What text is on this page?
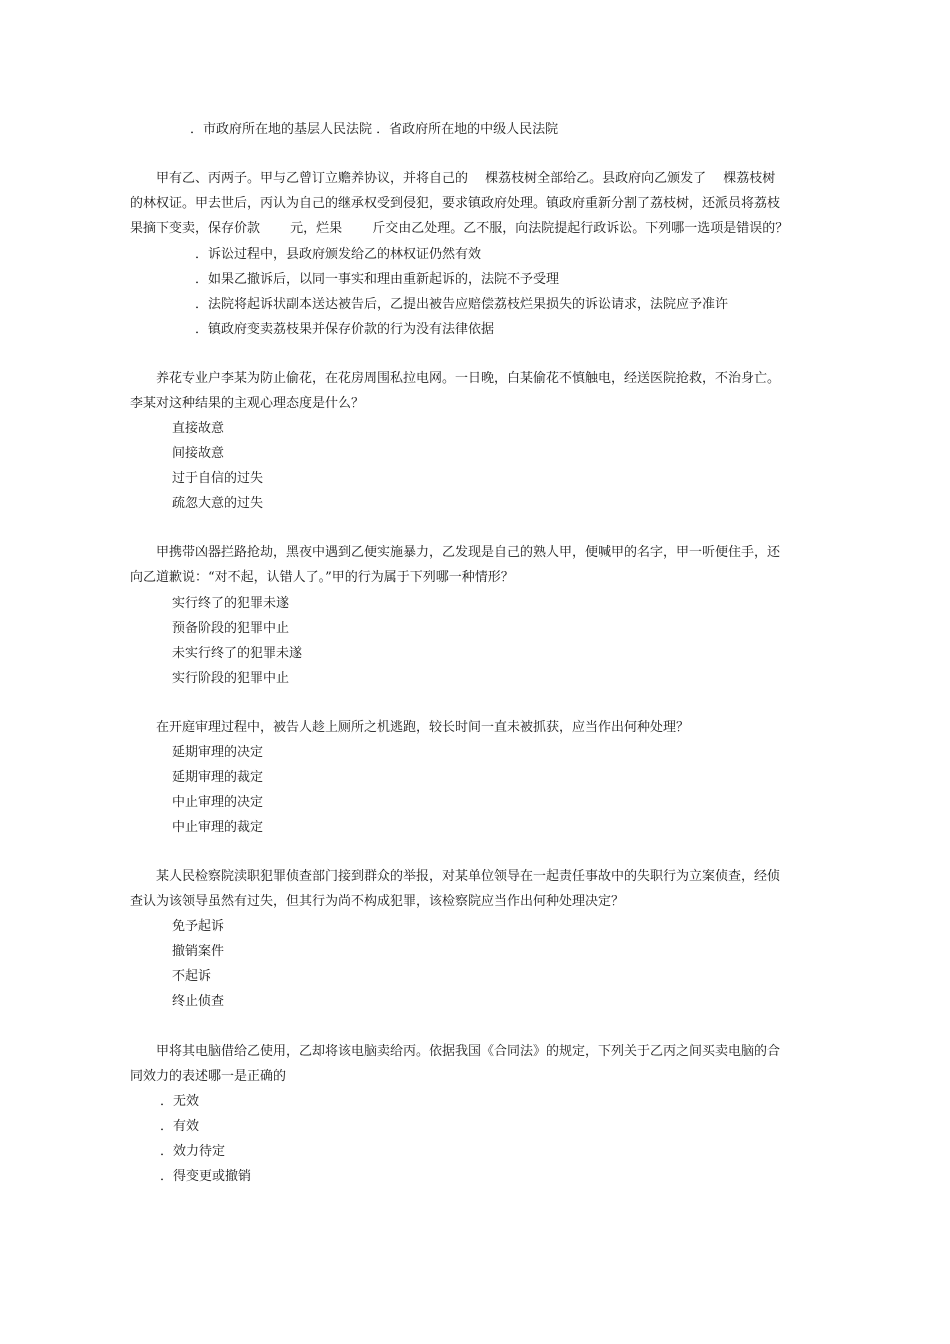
．市政府所在地的基层人民法院 ．省政府所在地的中级人民法院
　　甲有乙、丙两子。甲与乙曾订立赡养协议，并将自己的 　棵荔枝树全部给乙。县政府向乙颁发了 　棵荔枝树
的林权证。甲去世后，丙认为自己的继承权受到侵犯，要求镇政府处理。镇政府重新分割了荔枝树，还派员将荔枝
果摘下变卖，保存价款 　　元，烂果 　　斤交由乙处理。乙不服，向法院提起行政诉讼。下列哪一选项是错误的？
．诉讼过程中，县政府颁发给乙的林权证仍然有效
．如果乙撤诉后，以同一事实和理由重新起诉的，法院不予受理
．法院将起诉状副本送达被告后，乙提出被告应赔偿荔枝烂果损失的诉讼请求，法院应予准许
．镇政府变卖荔枝果并保存价款的行为没有法律依据
　　养花专业户李某为防止偷花，在花房周围私拉电网。一日晚，白某偷花不慎触电，经送医院抢救，不治身亡。
李某对这种结果的主观心理态度是什么？
直接故意
间接故意
过于自信的过失
疏忽大意的过失
　　甲携带凶器拦路抢劫，黑夜中遇到乙便实施暴力，乙发现是自己的熟人甲，便喊甲的名字，甲一听便住手，还
向乙道歉说：“对不起，认错人了。”甲的行为属于下列哪一种情形？
实行终了的犯罪未遂
预备阶段的犯罪中止
未实行终了的犯罪未遂
实行阶段的犯罪中止
　　在开庭审理过程中，被告人趁上厕所之机逃跑，较长时间一直未被抓获，应当作出何种处理？
延期审理的决定
延期审理的裁定
中止审理的决定
中止审理的裁定
　　某人民检察院渎职犯罪侦查部门接到群众的举报，对某单位领导在一起责任事故中的失职行为立案侦查，经侦
查认为该领导虽然有过失，但其行为尚不构成犯罪，该检察院应当作出何种处理决定？
免予起诉
撤销案件
不起诉
终止侦查
　　甲将其电脑借给乙使用，乙却将该电脑卖给丙。依据我国《合同法》的规定，下列关于乙丙之间买卖电脑的合
同效力的表述哪一是正确的
．无效
．有效
．效力待定
．得变更或撤销
